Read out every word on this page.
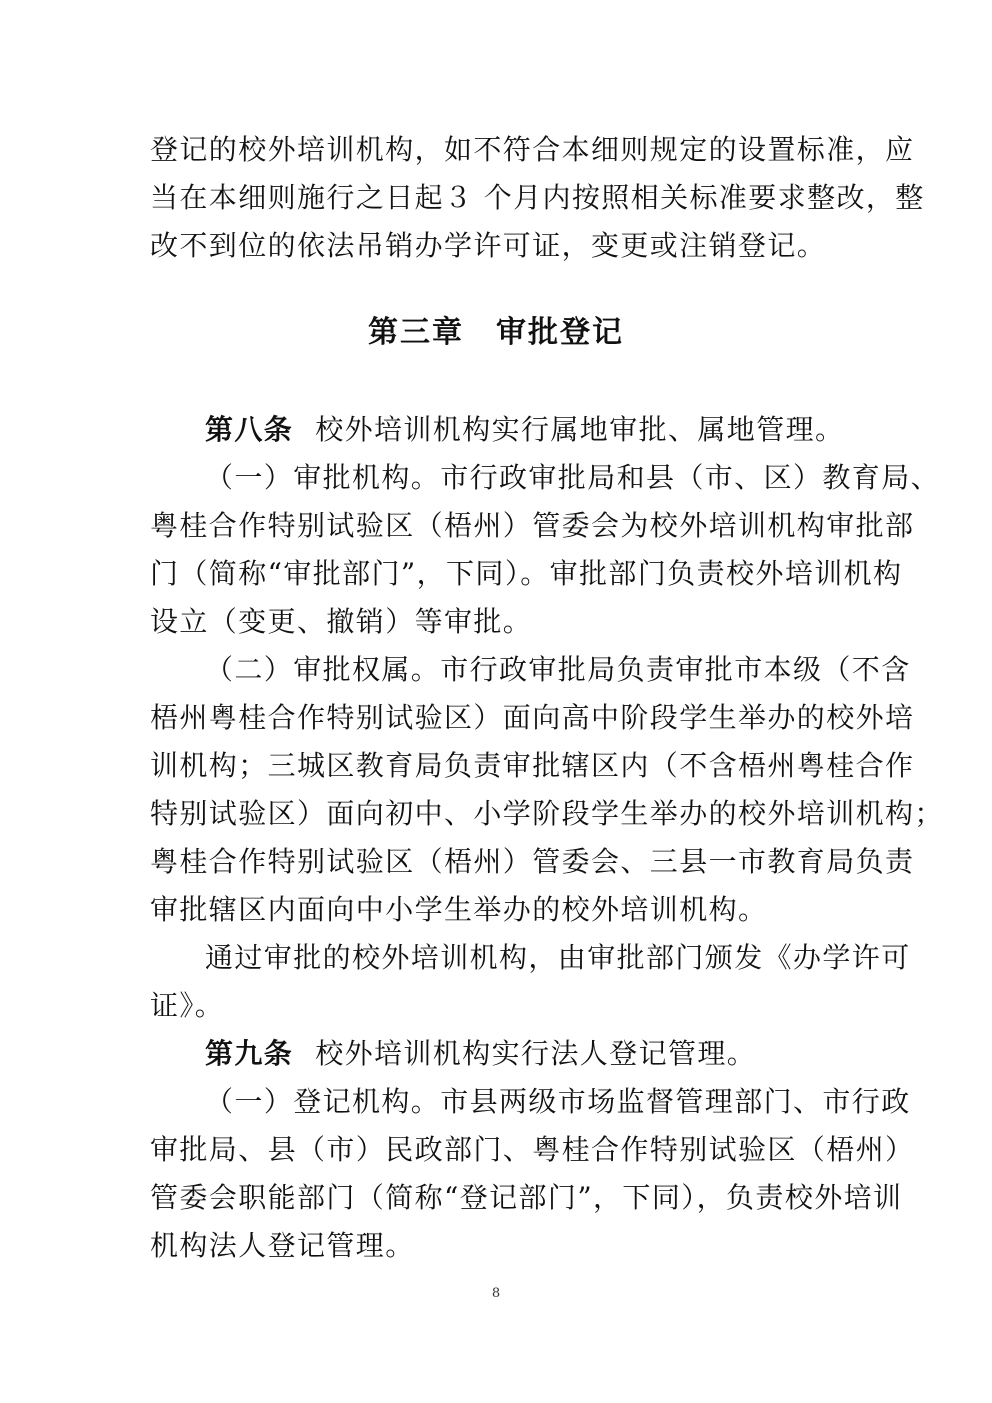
登记的校外培训机构，如不符合本细则规定的设置标准，应
当在本细则施行之日起３ 个月内按照相关标准要求整改，整
改不到位的依法吊销办学许可证，变更或注销登记。
第三章　审批登记
第八条 校外培训机构实行属地审批、属地管理。
（一）审批机构。市行政审批局和县（市、区）教育局、
粤桂合作特别试验区（梧州）管委会为校外培训机构审批部
门（简称“审批部门”，下同）。审批部门负责校外培训机构
设立（变更、撤销）等审批。
（二）审批权属。市行政审批局负责审批市本级（不含
梧州粤桂合作特别试验区）面向高中阶段学生举办的校外培
训机构；三城区教育局负责审批辖区内（不含梧州粤桂合作
特别试验区）面向初中、小学阶段学生举办的校外培训机构；
粤桂合作特别试验区（梧州）管委会、三县一市教育局负责
审批辖区内面向中小学生举办的校外培训机构。
通过审批的校外培训机构，由审批部门颁发《办学许可
证》。
第九条 校外培训机构实行法人登记管理。
（一）登记机构。市县两级市场监督管理部门、市行政
审批局、县（市）民政部门、粤桂合作特别试验区（梧州）
管委会职能部门（简称“登记部门”，下同），负责校外培训
机构法人登记管理。
8
